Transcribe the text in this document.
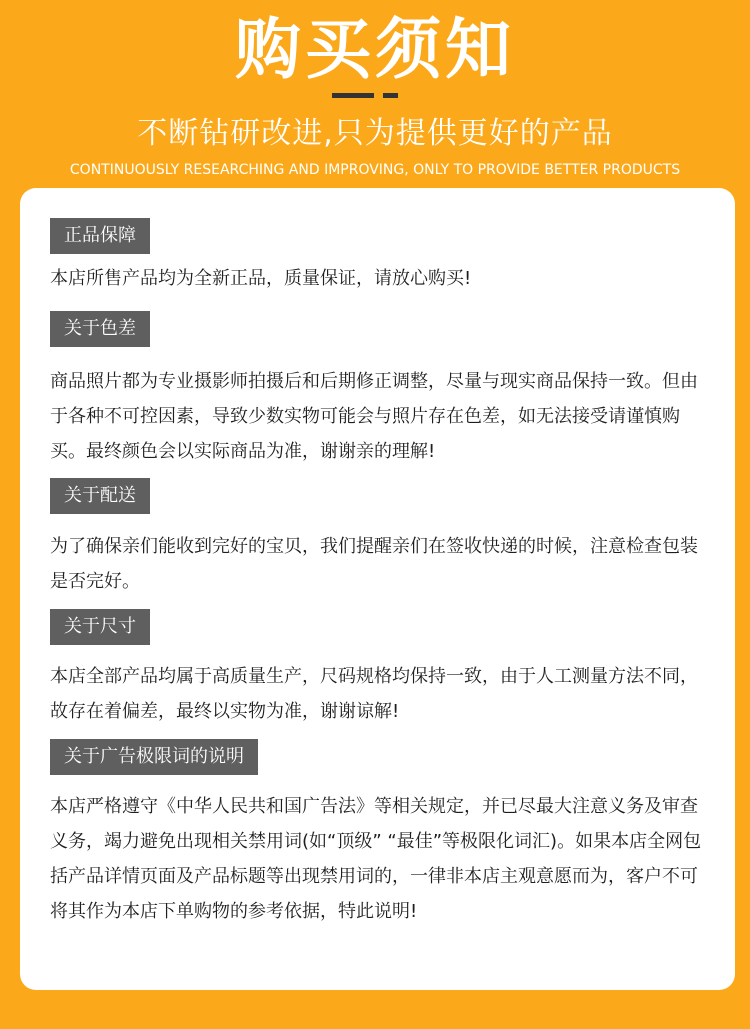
购买须知
不断钻研改进,只为提供更好的产品
CONTINUOUSLY RESEARCHING AND IMPROVING, ONLY TO PROVIDE BETTER PRODUCTS
正品保障

本店所售产品均为全新正品，质量保证，请放心购买!

关于色差

商品照片都为专业摄影师拍摄后和后期修正调整，尽量与现实商品保持一致。但由于各种不可控因素，导致少数实物可能会与照片存在色差，如无法接受请谨慎购买。最终颜色会以实际商品为准，谢谢亲的理解!

关于配送

为了确保亲们能收到完好的宝贝，我们提醒亲们在签收快递的时候，注意检查包装是否完好。

关于尺寸

本店全部产品均属于高质量生产，尺码规格均保持一致，由于人工测量方法不同，故存在着偏差，最终以实物为准，谢谢谅解!

关于广告极限词的说明

本店严格遵守《中华人民共和国广告法》等相关规定，并已尽最大注意义务及审查义务，竭力避免出现相关禁用词(如“顶级” “最佳”等极限化词汇)。如果本店全网包括产品详情页面及产品标题等出现禁用词的，一律非本店主观意愿而为，客户不可将其作为本店下单购物的参考依据，特此说明!
